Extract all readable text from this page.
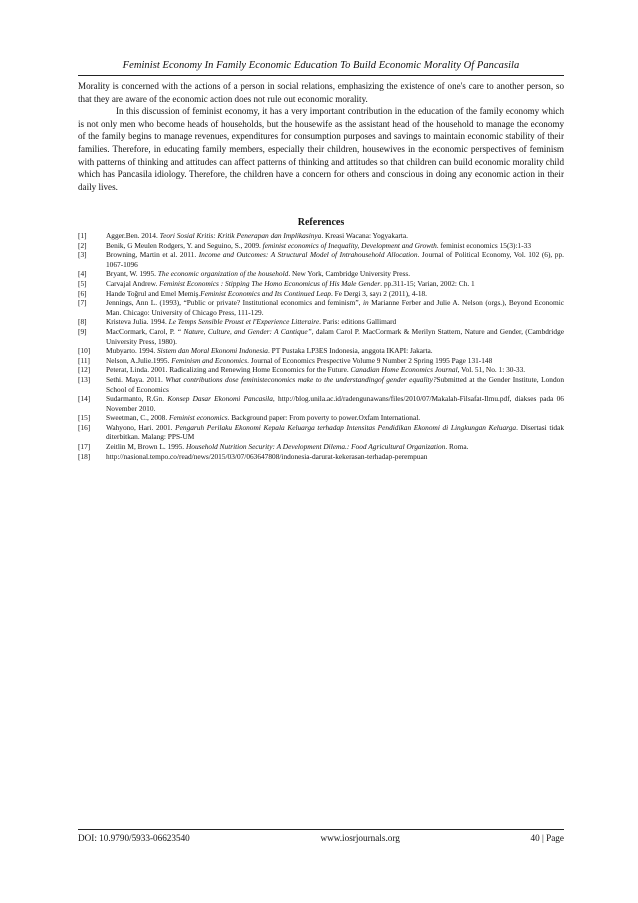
Feminist Economy In Family Economic Education To Build Economic Morality Of Pancasila

Morality is concerned with the actions of a person in social relations, emphasizing the existence of one's care to another person, so that they are aware of the economic action does not rule out economic morality.

In this discussion of feminist economy, it has a very important contribution in the education of the family economy which is not only men who become heads of households, but the housewife as the assistant head of the household to manage the economy of the family begins to manage revenues, expenditures for consumption purposes and savings to maintain economic stability of their families. Therefore, in educating family members, especially their children, housewives in the economic perspectives of feminism with patterns of thinking and attitudes can affect patterns of thinking and attitudes so that children can build economic morality child which has Pancasila idiology. Therefore, the children have a concern for others and conscious in doing any economic action in their daily lives.

References
[1]	Agger.Ben. 2014. Teori Sosial Kritis: Kritik Penerapan dan Implikasinya. Kreasi Wacana: Yogyakarta.
[2]	Benik, G Meulen Rodgers, Y. and Seguino, S., 2009. feminist economics of Inequality, Development and Growth. feminist economics 15(3):1-33
[3]	Browning, Martin et al. 2011. Income and Outcomes: A Structural Model of Intrahousehold Allocation. Journal of Political Economy, Vol. 102 (6), pp. 1067-1096
[4]	Bryant, W. 1995. The economic organization of the household. New York, Cambridge University Press.
[5]	Carvajal Andrew. Feminist Economics : Stipping The Homo Economicus of His Male Gender. pp.311-15; Varian, 2002: Ch. 1
[6]	Hande Toğrul and Emel Memiş.Feminist Economics and Its Continued Leap. Fe Dergi 3, sayı 2 (2011), 4-18.
[7]	Jennings, Ann L. (1993), “Public or private? Institutional economics and feminism”, in Marianne Ferber and Julie A. Nelson (orgs.), Beyond Economic Man. Chicago: University of Chicago Press, 111-129.
[8]	Kristeva Julia. 1994. Le Temps Sensible Proust et l'Experience Litteraire. Paris: editions Gallimard
[9]	MacCormark, Carol, P. “ Nature, Culture, and Gender: A Cantique”, dalam Carol P. MacCormark & Merilyn Stattern, Nature and Gender, (Cambdridge University Press, 1980).
[10]	Mubyarto. 1994. Sistem dan Moral Ekonomi Indonesia. PT Pustaka LP3ES Indonesia, anggota IKAPI: Jakarta.
[11]	Nelson, A.Julie.1995. Feminism and Economics. Journal of Economics Prespective Volume 9 Number 2 Spring 1995 Page 131-148
[12]	Peterat, Linda. 2001. Radicalizing and Renewing Home Economics for the Future. Canadian Home Economics Journal, Vol. 51, No. 1: 30-33.
[13]	Sethi. Maya. 2011. What contributions dose feministeconomics make to the understandingof gender equality?Submitted at the Gender Institute, London School of Economics
[14]	Sudarmanto, R.Gn. Konsep Dasar Ekonomi Pancasila, http://blog.unila.ac.id/radengunawans/files/2010/07/Makalah-Filsafat-Ilmu.pdf, diakses pada 06 November 2010.
[15]	Sweetman, C., 2008. Feminist economics. Background paper: From poverty to power.Oxfam International.
[16]	Wahyono, Hari. 2001. Pengaruh Perilaku Ekonomi Kepala Keluarga terhadap Intensitas Pendidikan Ekonomi di Lingkungan Keluarga. Disertasi tidak diterbitkan. Malang: PPS-UM
[17]	Zeitlin M, Brown L. 1995. Household Nutrition Security: A Development Dilema.: Food Agricultural Organization. Roma.
[18]	http://nasional.tempo.co/read/news/2015/03/07/063647808/indonesia-darurat-kekerasan-terhadap-perempuan
DOI: 10.9790/5933-06623540	www.iosrjournals.org	40 | Page
